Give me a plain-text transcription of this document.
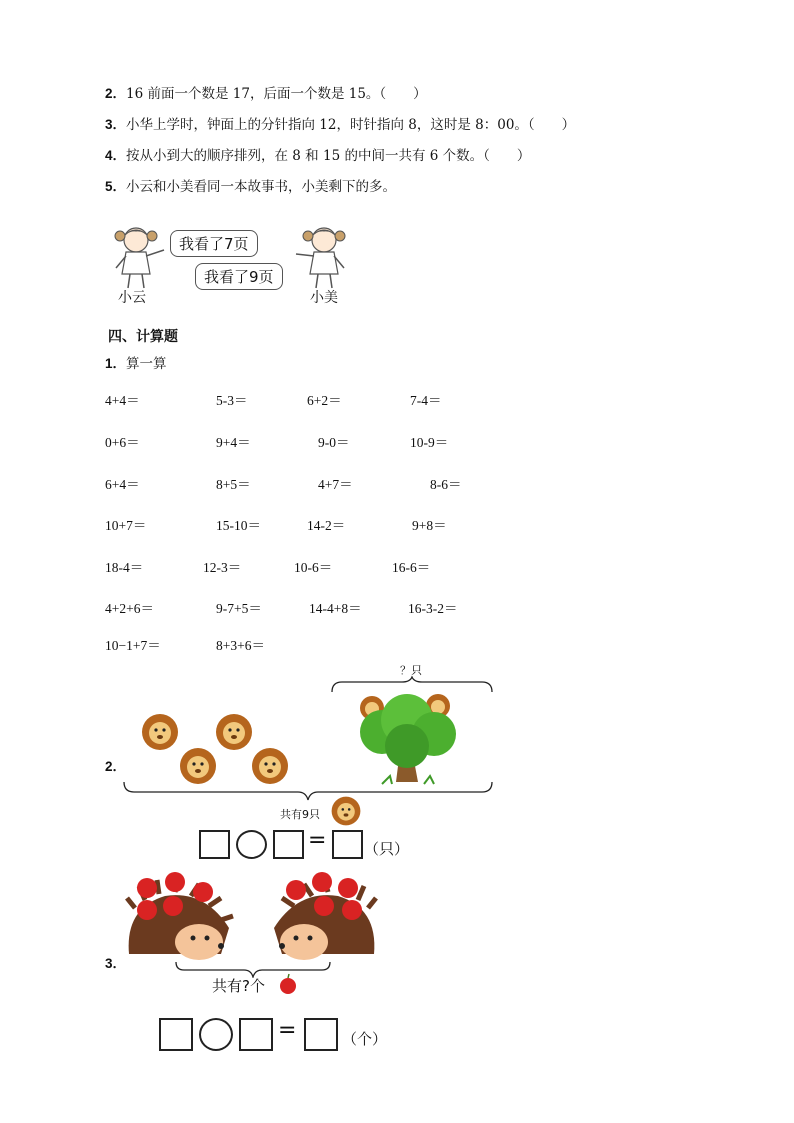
2．16 前面一个数是 17，后面一个数是 15。（　　）
3．小华上学时，钟面上的分针指向 12，时针指向 8，这时是 8：00。（　　）
4．按从小到大的顺序排列，在 8 和 15 的中间一共有 6 个数。（　　）
5．小云和小美看同一本故事书，小美剩下的多。
我看了7页
我看了9页
小云	小美
四、计算题
1．算一算
4+4＝	5-3＝	6+2＝	7-4＝
0+6＝	9+4＝	9-0＝	10-9＝
6+4＝	8+5＝	4+7＝	8-6＝
10+7＝	15-10＝	14-2＝	9+8＝
18-4＝	12-3＝	10-6＝	16-6＝
4+2+6＝	9-7+5＝	14-4+8＝	16-3-2＝
10−1+7＝	8+3+6＝
2．
？只
共有9只
=	（只）
3．
共有?个
=	（个）
